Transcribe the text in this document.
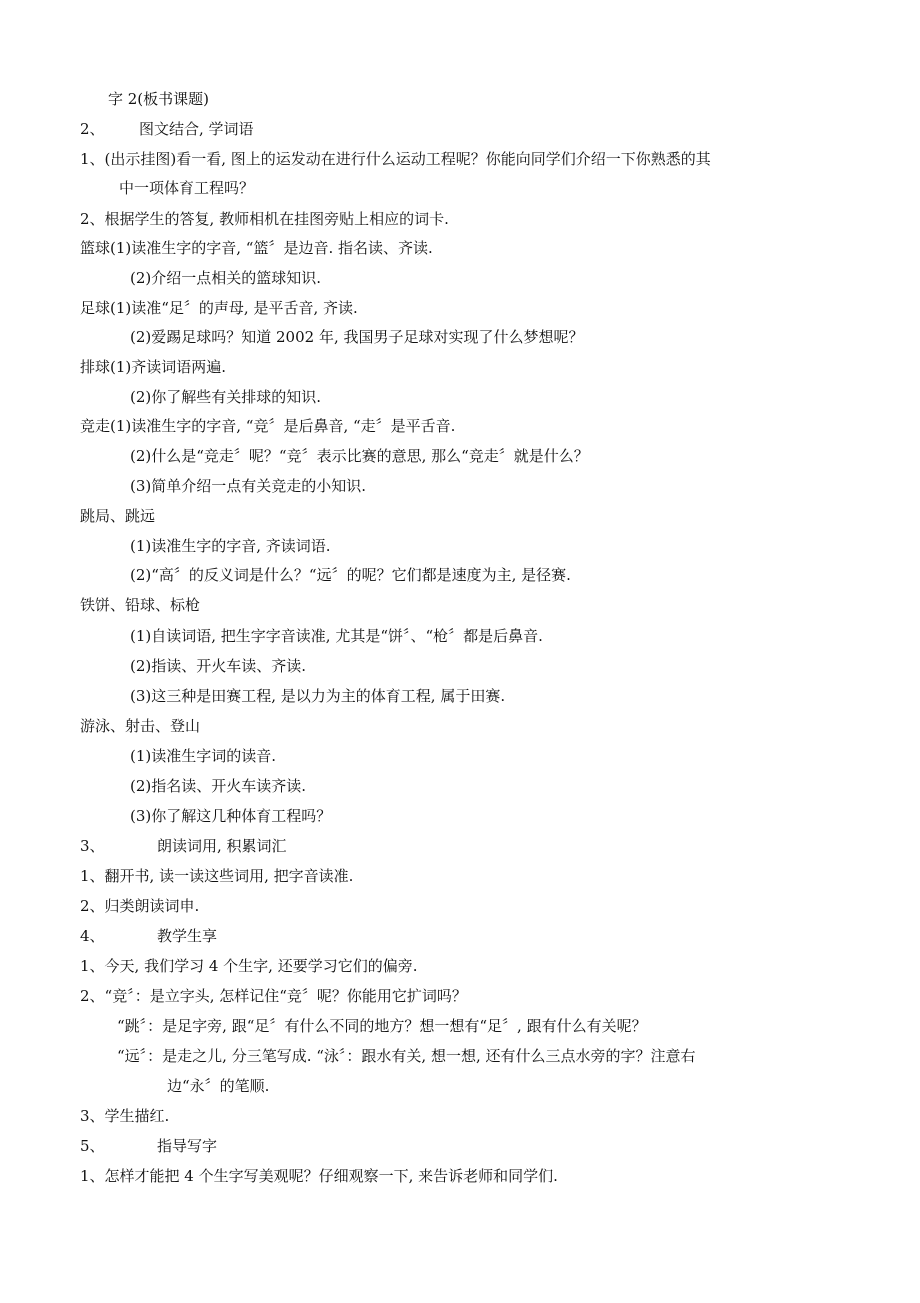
字 2(板书课题)
2、 图文结合, 学词语
1、(出示挂图)看一看, 图上的运发动在进行什么运动工程呢？你能向同学们介绍一下你熟悉的其
中一项体育工程吗？
2、根据学生的答复, 教师相机在挂图旁贴上相应的词卡.
篮球(1)读准生字的字音, “篮〞是边音. 指名读、齐读.
(2)介绍一点相关的篮球知识.
足球(1)读准“足〞的声母, 是平舌音, 齐读.
(2)爱踢足球吗？知道 2002 年, 我国男子足球对实现了什么梦想呢？
排球(1)齐读词语两遍.
(2)你了解些有关排球的知识.
竞走(1)读准生字的字音, “竞〞是后鼻音, “走〞是平舌音.
(2)什么是“竞走〞呢？“竞〞表示比赛的意思, 那么“竞走〞就是什么？
(3)简单介绍一点有关竞走的小知识.
跳局、跳远
(1)读准生字的字音, 齐读词语.
(2)“高〞的反义词是什么？“远〞的呢？它们都是速度为主, 是径赛.
铁饼、铅球、标枪
(1)自读词语, 把生字字音读准, 尤其是“饼〞、“枪〞都是后鼻音.
(2)指读、开火车读、齐读.
(3)这三种是田赛工程, 是以力为主的体育工程, 属于田赛.
游泳、射击、登山
(1)读准生字词的读音.
(2)指名读、开火车读齐读.
(3)你了解这几种体育工程吗？
3、	朗读词用, 积累词汇
1、翻开书, 读一读这些词用, 把字音读准.
2、归类朗读词申.
4、	教学生享
1、今天, 我们学习 4 个生字, 还要学习它们的偏旁.
2、“竞〞：是立字头, 怎样记住“竞〞呢？你能用它扩词吗？
“跳〞：是足字旁, 跟“足〞有什么不同的地方？想一想有“足〞, 跟有什么有关呢？
“远〞：是走之儿, 分三笔写成. “泳〞：跟水有关, 想一想, 还有什么三点水旁的字？注意右
边“永〞的笔顺.
3、学生描红.
5、	指导写字
1、怎样才能把 4 个生字写美观呢？仔细观察一下, 来告诉老师和同学们.
